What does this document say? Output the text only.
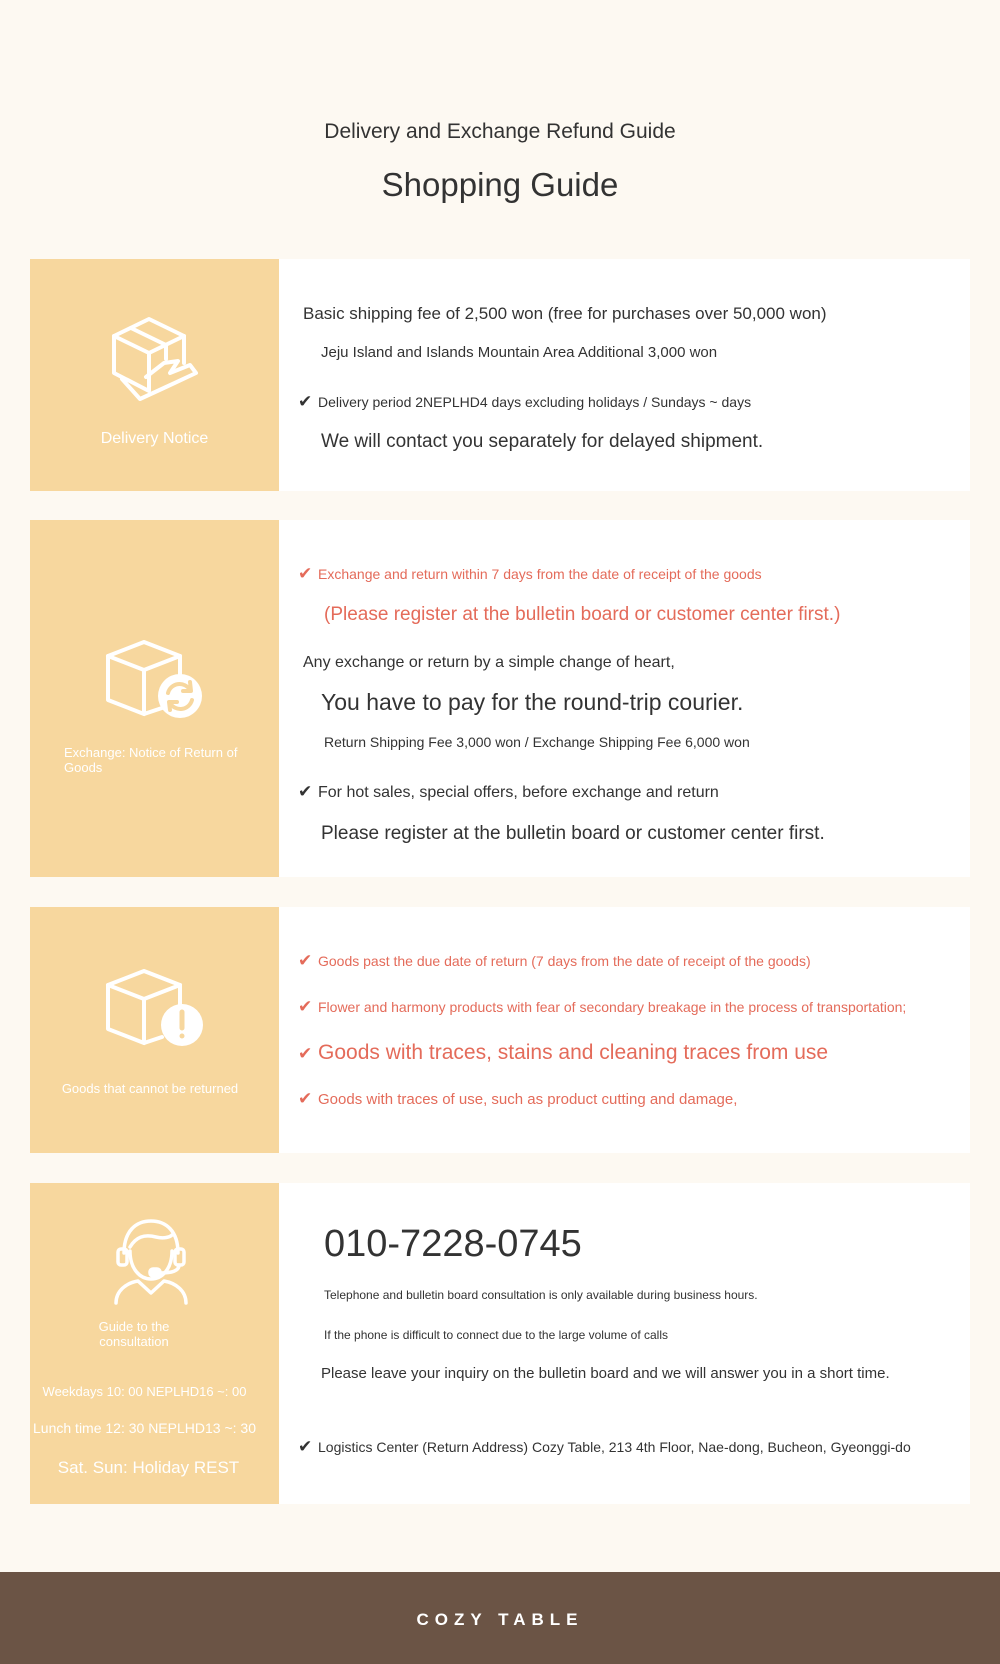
Delivery and Exchange Refund Guide
Shopping Guide
Delivery Notice
Basic shipping fee of 2,500 won (free for purchases over 50,000 won)
Jeju Island and Islands Mountain Area Additional 3,000 won
✔ Delivery period 2NEPLHD4 days excluding holidays / Sundays ~ days
We will contact you separately for delayed shipment.
Exchange: Notice of Return of Goods
✔ Exchange and return within 7 days from the date of receipt of the goods
(Please register at the bulletin board or customer center first.)
Any exchange or return by a simple change of heart,
You have to pay for the round-trip courier.
Return Shipping Fee 3,000 won / Exchange Shipping Fee 6,000 won
✔ For hot sales, special offers, before exchange and return
Please register at the bulletin board or customer center first.
Goods that cannot be returned
✔ Goods past the due date of return (7 days from the date of receipt of the goods)
✔ Flower and harmony products with fear of secondary breakage in the process of transportation;
✔ Goods with traces, stains and cleaning traces from use
✔ Goods with traces of use, such as product cutting and damage,
Guide to the consultation
Weekdays 10: 00 NEPLHD16 ~: 00
Lunch time 12: 30 NEPLHD13 ~: 30
Sat. Sun: Holiday REST
010-7228-0745
Telephone and bulletin board consultation is only available during business hours.
If the phone is difficult to connect due to the large volume of calls
Please leave your inquiry on the bulletin board and we will answer you in a short time.
✔ Logistics Center (Return Address) Cozy Table, 213 4th Floor, Nae-dong, Bucheon, Gyeonggi-do
COZY TABLE
